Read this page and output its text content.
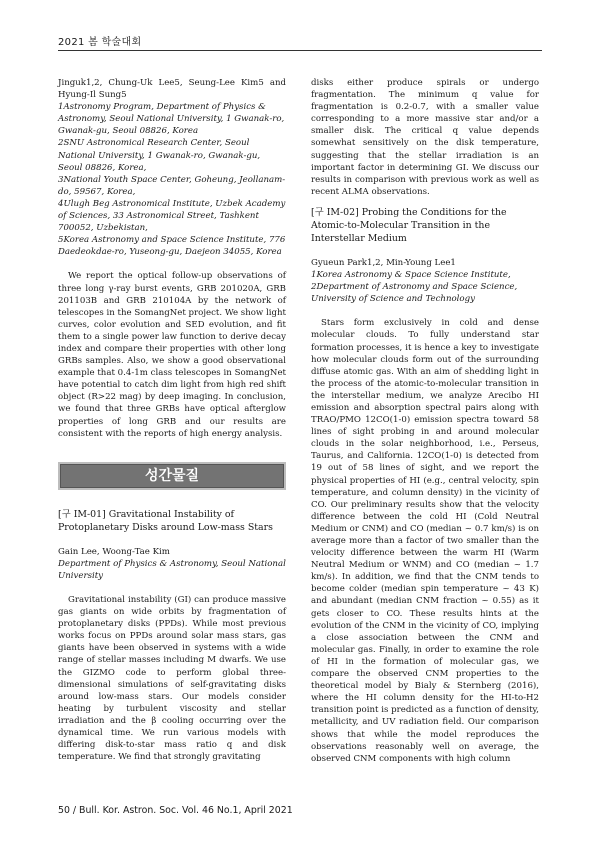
2021 봄 학술대회

Jinguk1,2, Chung-Uk Lee5, Seung-Lee Kim5 and Hyung-Il Sung5

1Astronomy Program, Department of Physics & Astronomy, Seoul National University, 1 Gwanak-ro, Gwanak-gu, Seoul 08826, Korea

2SNU Astronomical Research Center, Seoul National University, 1 Gwanak-ro, Gwanak-gu, Seoul 08826, Korea,

3National Youth Space Center, Goheung, Jeollanam-do, 59567, Korea,

4Ulugh Beg Astronomical Institute, Uzbek Academy of Sciences, 33 Astronomical Street, Tashkent 700052, Uzbekistan,

5Korea Astronomy and Space Science Institute, 776 Daedeokdae-ro, Yuseong-gu, Daejeon 34055, Korea

We report the optical follow-up observations of three long γ-ray burst events, GRB 201020A, GRB 201103B and GRB 210104A by the network of telescopes in the SomangNet project. We show light curves, color evolution and SED evolution, and fit them to a single power law function to derive decay index and compare their properties with other long GRBs samples. Also, we show a good observational example that 0.4-1m class telescopes in SomangNet have potential to catch dim light from high red shift object (R>22 mag) by deep imaging. In conclusion, we found that three GRBs have optical afterglow properties of long GRB and our results are consistent with the reports of high energy analysis.

성간물질

[구 IM-01] Gravitational Instability of Protoplanetary Disks around Low-mass Stars

Gain Lee, Woong-Tae Kim

Department of Physics & Astronomy, Seoul National University

Gravitational instability (GI) can produce massive gas giants on wide orbits by fragmentation of protoplanetary disks (PPDs). While most previous works focus on PPDs around solar mass stars, gas giants have been observed in systems with a wide range of stellar masses including M dwarfs. We use the GIZMO code to perform global three-dimensional simulations of self-gravitating disks around low-mass stars. Our models consider heating by turbulent viscosity and stellar irradiation and the β cooling occurring over the dynamical time. We run various models with differing disk-to-star mass ratio q and disk temperature. We find that strongly gravitating

disks either produce spirals or undergo fragmentation. The minimum q value for fragmentation is 0.2-0.7, with a smaller value corresponding to a more massive star and/or a smaller disk. The critical q value depends somewhat sensitively on the disk temperature, suggesting that the stellar irradiation is an important factor in determining GI. We discuss our results in comparison with previous work as well as recent ALMA observations.

[구 IM-02] Probing the Conditions for the Atomic-to-Molecular Transition in the Interstellar Medium

Gyueun Park1,2, Min-Young Lee1

1Korea Astronomy & Space Science Institute,

2Department of Astronomy and Space Science, University of Science and Technology

Stars form exclusively in cold and dense molecular clouds. To fully understand star formation processes, it is hence a key to investigate how molecular clouds form out of the surrounding diffuse atomic gas. With an aim of shedding light in the process of the atomic-to-molecular transition in the interstellar medium, we analyze Arecibo HI emission and absorption spectral pairs along with TRAO/PMO 12CO(1-0) emission spectra toward 58 lines of sight probing in and around molecular clouds in the solar neighborhood, i.e., Perseus, Taurus, and California. 12CO(1-0) is detected from 19 out of 58 lines of sight, and we report the physical properties of HI (e.g., central velocity, spin temperature, and column density) in the vicinity of CO. Our preliminary results show that the velocity difference between the cold HI (Cold Neutral Medium or CNM) and CO (median ~ 0.7 km/s) is on average more than a factor of two smaller than the velocity difference between the warm HI (Warm Neutral Medium or WNM) and CO (median ~ 1.7 km/s). In addition, we find that the CNM tends to become colder (median spin temperature ~ 43 K) and abundant (median CNM fraction ~ 0.55) as it gets closer to CO. These results hints at the evolution of the CNM in the vicinity of CO, implying a close association between the CNM and molecular gas. Finally, in order to examine the role of HI in the formation of molecular gas, we compare the observed CNM properties to the theoretical model by Bialy & Sternberg (2016), where the HI column density for the HI-to-H2 transition point is predicted as a function of density, metallicity, and UV radiation field. Our comparison shows that while the model reproduces the observations reasonably well on average, the observed CNM components with high column

50 / Bull. Kor. Astron. Soc. Vol. 46 No.1, April 2021
